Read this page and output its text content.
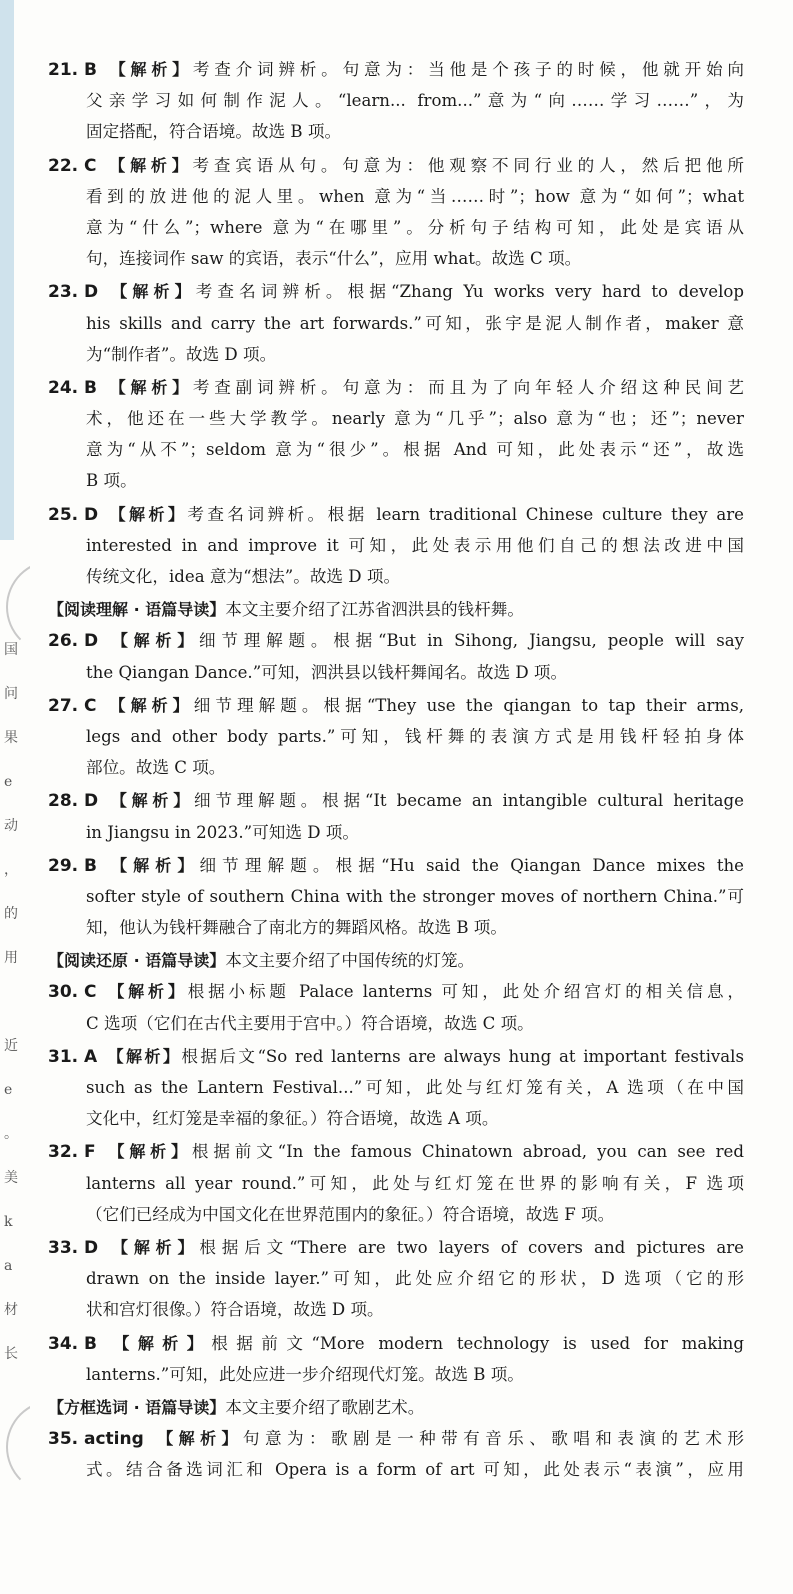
国
问
果
e
动
，
的
用
近
e
。
美
k
a
材
长
21. B 【解析】考查介词辨析。句意为：当他是个孩子的时候，他就开始向
父亲学习如何制作泥人。“learn... from...”意为“向……学习……”，为
固定搭配，符合语境。故选 B 项。
22. C 【解析】考查宾语从句。句意为：他观察不同行业的人，然后把他所
看到的放进他的泥人里。when 意为“当……时”；how 意为“如何”；what
意为“什么”；where 意为“在哪里”。分析句子结构可知，此处是宾语从
句，连接词作 saw 的宾语，表示“什么”，应用 what。故选 C 项。
23. D 【解析】考查名词辨析。根据“Zhang Yu works very hard to develop
his skills and carry the art forwards.”可知，张宇是泥人制作者，maker 意
为“制作者”。故选 D 项。
24. B 【解析】考查副词辨析。句意为：而且为了向年轻人介绍这种民间艺
术，他还在一些大学教学。nearly 意为“几乎”；also 意为“也；还”；never
意为“从不”；seldom 意为“很少”。根据 And 可知，此处表示“还”，故选
B 项。
25. D 【解析】考查名词辨析。根据 learn traditional Chinese culture they are
interested in and improve it 可知，此处表示用他们自己的想法改进中国
传统文化，idea 意为“想法”。故选 D 项。
【阅读理解 · 语篇导读】本文主要介绍了江苏省泗洪县的钱杆舞。
26. D 【解析】细节理解题。根据“But in Sihong, Jiangsu, people will say
the Qiangan Dance.”可知，泗洪县以钱杆舞闻名。故选 D 项。
27. C 【解析】细节理解题。根据“They use the qiangan to tap their arms,
legs and other body parts.”可知，钱杆舞的表演方式是用钱杆轻拍身体
部位。故选 C 项。
28. D 【解析】细节理解题。根据“It became an intangible cultural heritage
in Jiangsu in 2023.”可知选 D 项。
29. B 【解析】细节理解题。根据“Hu said the Qiangan Dance mixes the
softer style of southern China with the stronger moves of northern China.”可
知，他认为钱杆舞融合了南北方的舞蹈风格。故选 B 项。
【阅读还原 · 语篇导读】本文主要介绍了中国传统的灯笼。
30. C 【解析】根据小标题 Palace lanterns 可知，此处介绍宫灯的相关信息，
C 选项（它们在古代主要用于宫中。）符合语境，故选 C 项。
31. A 【解析】根据后文“So red lanterns are always hung at important festivals
such as the Lantern Festival...”可知，此处与红灯笼有关，A 选项（在中国
文化中，红灯笼是幸福的象征。）符合语境，故选 A 项。
32. F 【解析】根据前文“In the famous Chinatown abroad, you can see red
lanterns all year round.”可知，此处与红灯笼在世界的影响有关，F 选项
（它们已经成为中国文化在世界范围内的象征。）符合语境，故选 F 项。
33. D 【解析】根据后文“There are two layers of covers and pictures are
drawn on the inside layer.”可知，此处应介绍它的形状，D 选项（它的形
状和宫灯很像。）符合语境，故选 D 项。
34. B 【解析】根据前文“More modern technology is used for making
lanterns.”可知，此处应进一步介绍现代灯笼。故选 B 项。
【方框选词 · 语篇导读】本文主要介绍了歌剧艺术。
35. acting 【解析】句意为：歌剧是一种带有音乐、歌唱和表演的艺术形
式。结合备选词汇和 Opera is a form of art 可知，此处表示“表演”，应用
